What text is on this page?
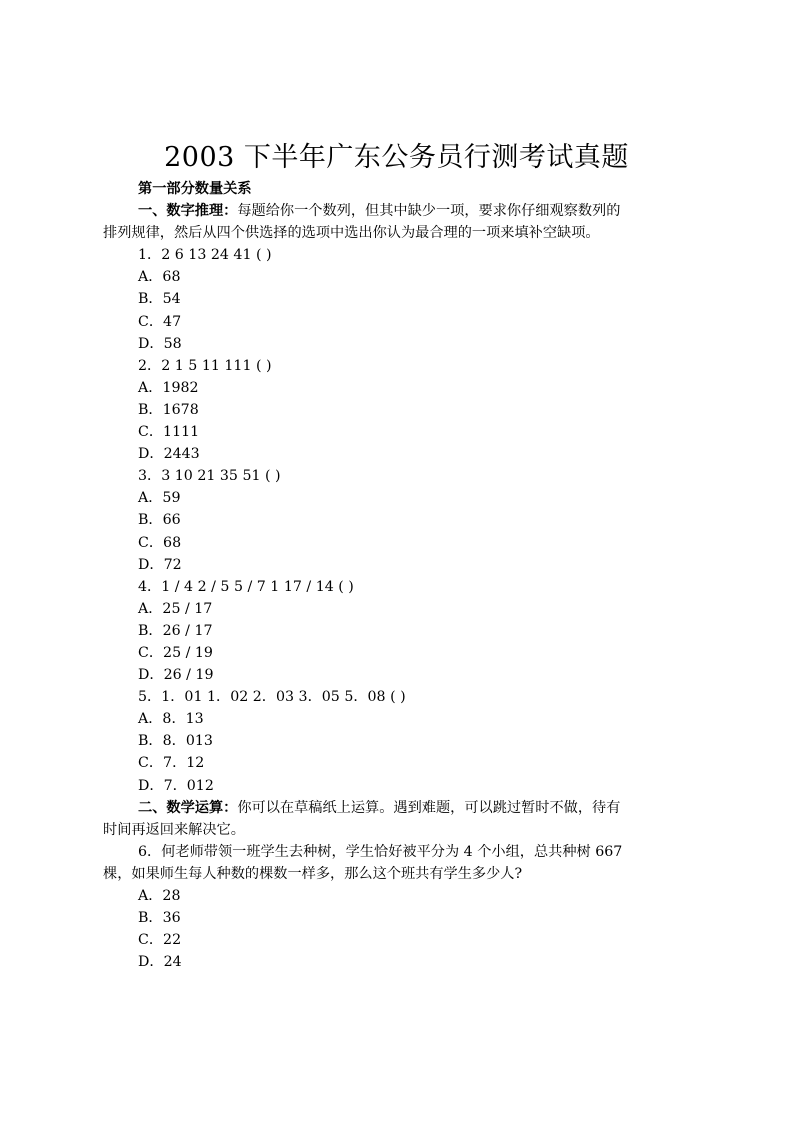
2003 下半年广东公务员行测考试真题
第一部分数量关系
一、数字推理：每题给你一个数列，但其中缺少一项，要求你仔细观察数列的
排列规律，然后从四个供选择的选项中选出你认为最合理的一项来填补空缺项。
1．2 6 13 24 41 ( )
A．68
B．54
C．47
D．58
2．2 1 5 11 111 ( )
A．1982
B．1678
C．1111
D．2443
3．3 10 21 35 51 ( )
A．59
B．66
C．68
D．72
4．1 / 4 2 / 5 5 / 7 1 17 / 14 ( )
A．25 / 17
B．26 / 17
C．25 / 19
D．26 / 19
5．1．01 1．02 2．03 3．05 5．08 ( )
A．8．13
B．8．013
C．7．12
D．7．012
二、数学运算：你可以在草稿纸上运算。遇到难题，可以跳过暂时不做，待有
时间再返回来解决它。
6．何老师带领一班学生去种树，学生恰好被平分为 4 个小组，总共种树 667
棵，如果师生每人种数的棵数一样多，那么这个班共有学生多少人?
A．28
B．36
C．22
D．24
